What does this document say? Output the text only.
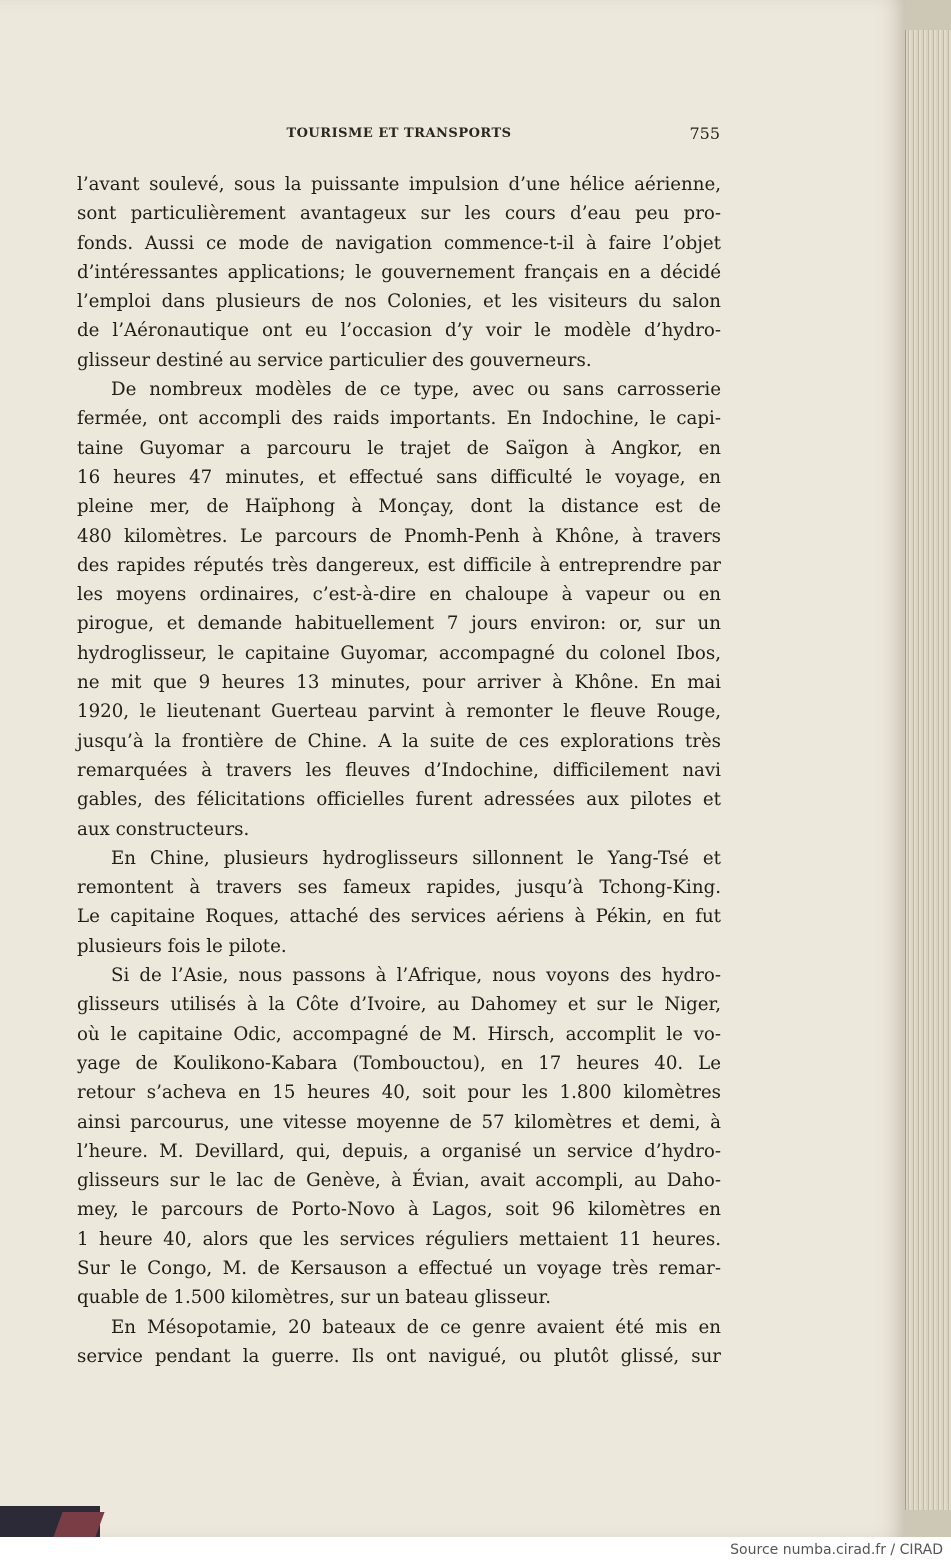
TOURISME ET TRANSPORTS	755
l’avant soulevé, sous la puissante impulsion d’une hélice aérienne,
sont particulièrement avantageux sur les cours d’eau peu pro-
fonds. Aussi ce mode de navigation commence-t-il à faire l’objet
d’intéressantes applications; le gouvernement français en a décidé
l’emploi dans plusieurs de nos Colonies, et les visiteurs du salon
de l’Aéronautique ont eu l’occasion d’y voir le modèle d’hydro-
glisseur destiné au service particulier des gouverneurs.
De nombreux modèles de ce type, avec ou sans carrosserie
fermée, ont accompli des raids importants. En Indochine, le capi-
taine Guyomar a parcouru le trajet de Saïgon à Angkor, en
16 heures 47 minutes, et effectué sans difficulté le voyage, en
pleine mer, de Haïphong à Monçay, dont la distance est de
480 kilomètres. Le parcours de Pnomh-Penh à Khône, à travers
des rapides réputés très dangereux, est difficile à entreprendre par
les moyens ordinaires, c’est-à-dire en chaloupe à vapeur ou en
pirogue, et demande habituellement 7 jours environ: or, sur un
hydroglisseur, le capitaine Guyomar, accompagné du colonel Ibos,
ne mit que 9 heures 13 minutes, pour arriver à Khône. En mai
1920, le lieutenant Guerteau parvint à remonter le fleuve Rouge,
jusqu’à la frontière de Chine. A la suite de ces explorations très
remarquées à travers les fleuves d’Indochine, difficilement navi
gables, des félicitations officielles furent adressées aux pilotes et
aux constructeurs.
En Chine, plusieurs hydroglisseurs sillonnent le Yang-Tsé et
remontent à travers ses fameux rapides, jusqu’à Tchong-King.
Le capitaine Roques, attaché des services aériens à Pékin, en fut
plusieurs fois le pilote.
Si de l’Asie, nous passons à l’Afrique, nous voyons des hydro-
glisseurs utilisés à la Côte d’Ivoire, au Dahomey et sur le Niger,
où le capitaine Odic, accompagné de M. Hirsch, accomplit le vo-
yage de Koulikono-Kabara (Tombouctou), en 17 heures 40. Le
retour s’acheva en 15 heures 40, soit pour les 1.800 kilomètres
ainsi parcourus, une vitesse moyenne de 57 kilomètres et demi, à
l’heure. M. Devillard, qui, depuis, a organisé un service d’hydro-
glisseurs sur le lac de Genève, à Évian, avait accompli, au Daho-
mey, le parcours de Porto-Novo à Lagos, soit 96 kilomètres en
1 heure 40, alors que les services réguliers mettaient 11 heures.
Sur le Congo, M. de Kersauson a effectué un voyage très remar-
quable de 1.500 kilomètres, sur un bateau glisseur.
En Mésopotamie, 20 bateaux de ce genre avaient été mis en
service pendant la guerre. Ils ont navigué, ou plutôt glissé, sur
Source numba.cirad.fr / CIRAD
